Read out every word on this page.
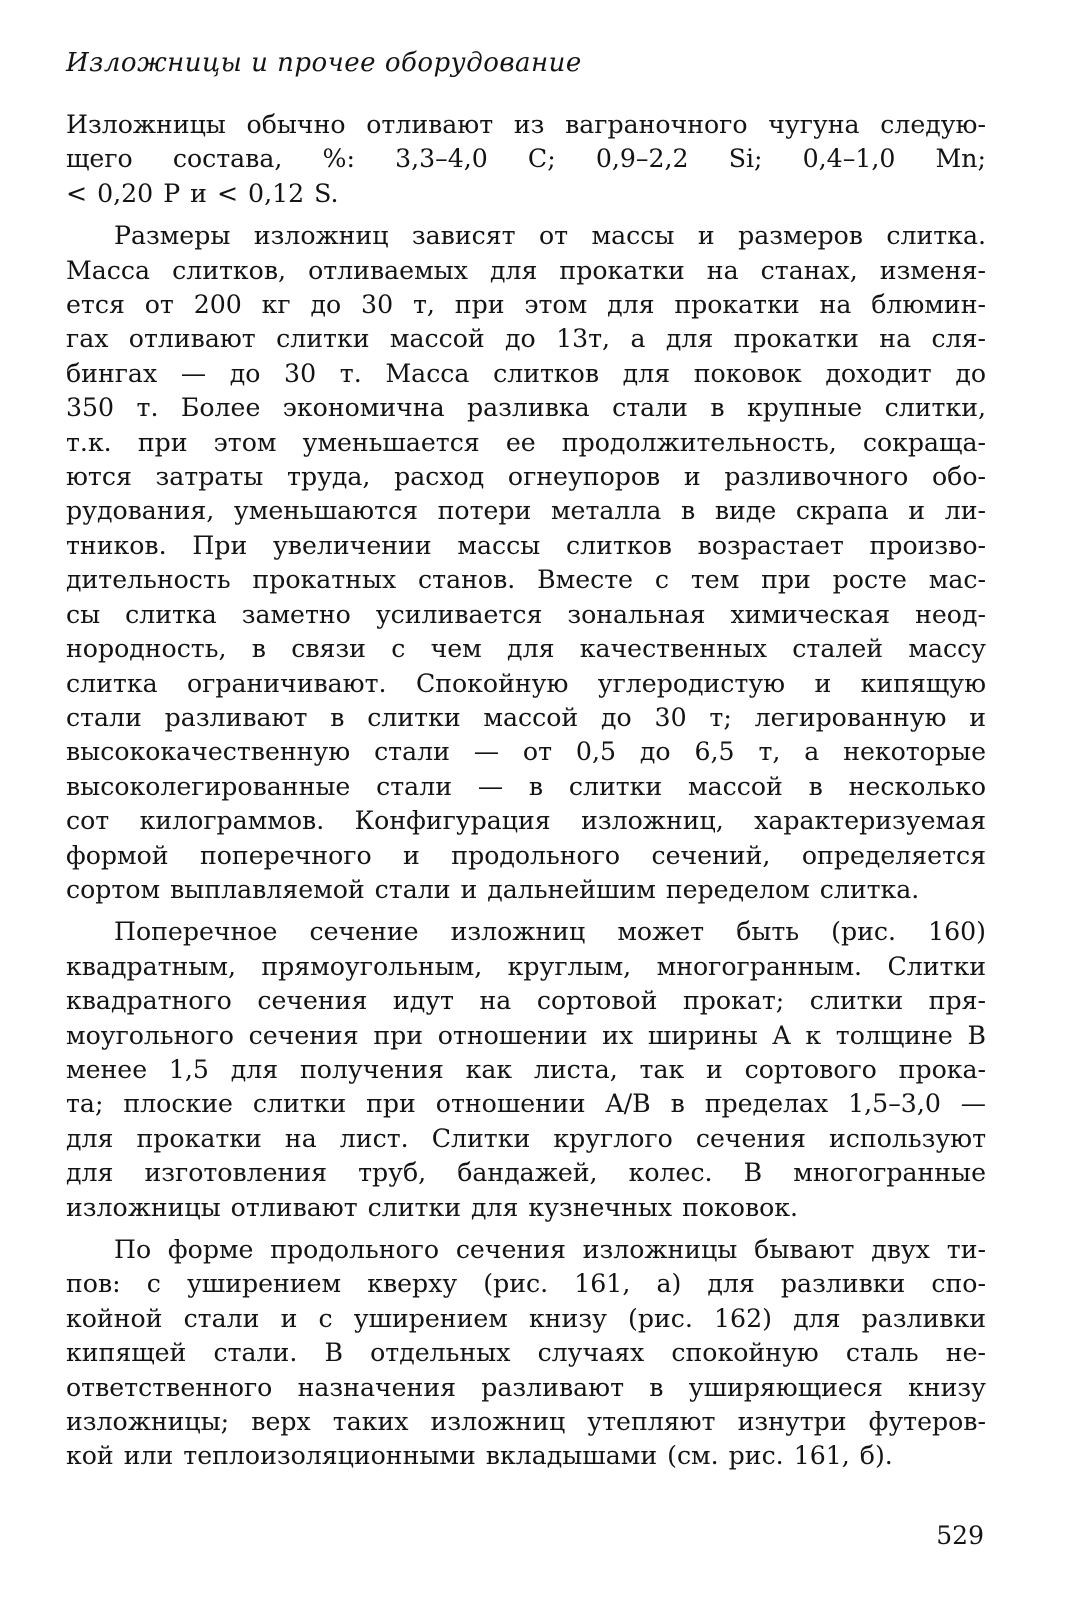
Изложницы и прочее оборудование
Изложницы обычно отливают из ваграночного чугуна следую-
щего состава, %: 3,3–4,0 С; 0,9–2,2 Si; 0,4–1,0 Mn;
< 0,20 Р и < 0,12 S.
Размеры изложниц зависят от массы и размеров слитка.
Масса слитков, отливаемых для прокатки на станах, изменя-
ется от 200 кг до 30 т, при этом для прокатки на блюмин-
гах отливают слитки массой до 13т, а для прокатки на сля-
бингах — до 30 т. Масса слитков для поковок доходит до
350 т. Более экономична разливка стали в крупные слитки,
т.к. при этом уменьшается ее продолжительность, сокраща-
ются затраты труда, расход огнеупоров и разливочного обо-
рудования, уменьшаются потери металла в виде скрапа и ли-
тников. При увеличении массы слитков возрастает произво-
дительность прокатных станов. Вместе с тем при росте мас-
сы слитка заметно усиливается зональная химическая неод-
нородность, в связи с чем для качественных сталей массу
слитка ограничивают. Спокойную углеродистую и кипящую
стали разливают в слитки массой до 30 т; легированную и
высококачественную стали — от 0,5 до 6,5 т, а некоторые
высоколегированные стали — в слитки массой в несколько
сот килограммов. Конфигурация изложниц, характеризуемая
формой поперечного и продольного сечений, определяется
сортом выплавляемой стали и дальнейшим переделом слитка.
Поперечное сечение изложниц может быть (рис. 160)
квадратным, прямоугольным, круглым, многогранным. Слитки
квадратного сечения идут на сортовой прокат; слитки пря-
моугольного сечения при отношении их ширины A к толщине B
менее 1,5 для получения как листа, так и сортового прока-
та; плоские слитки при отношении A/B в пределах 1,5–3,0 —
для прокатки на лист. Слитки круглого сечения используют
для изготовления труб, бандажей, колес. В многогранные
изложницы отливают слитки для кузнечных поковок.
По форме продольного сечения изложницы бывают двух ти-
пов: с уширением кверху (рис. 161, а) для разливки спо-
койной стали и с уширением книзу (рис. 162) для разливки
кипящей стали. В отдельных случаях спокойную сталь не-
ответственного назначения разливают в уширяющиеся книзу
изложницы; верх таких изложниц утепляют изнутри футеров-
кой или теплоизоляционными вкладышами (см. рис. 161, б).
529
